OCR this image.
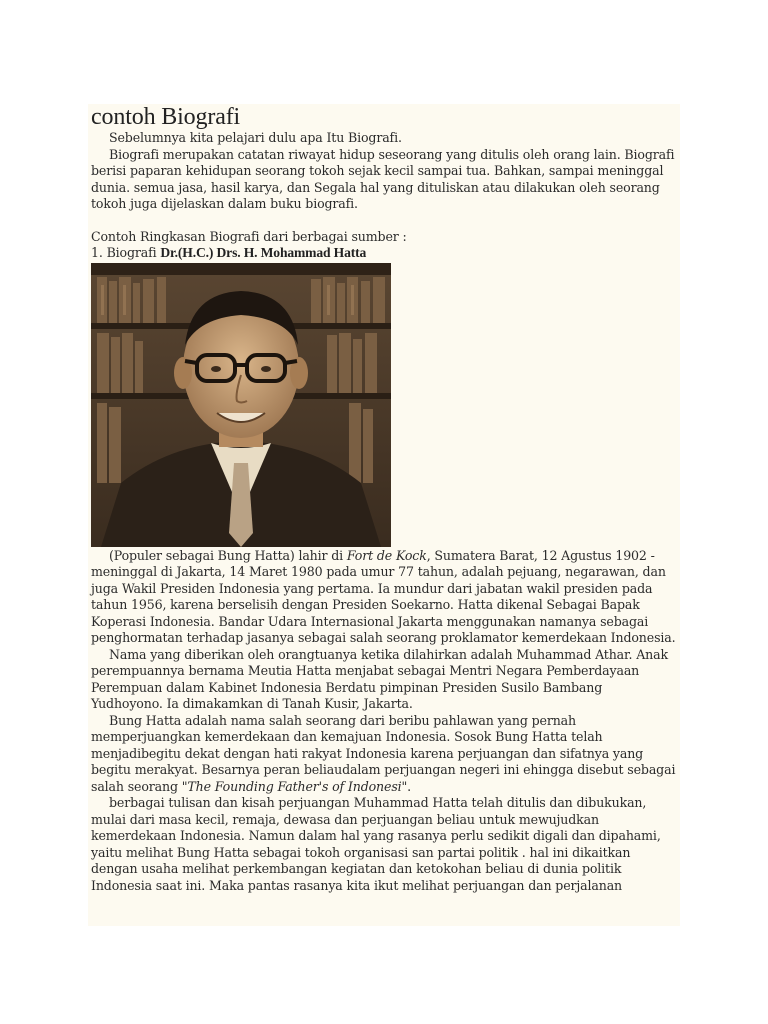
contoh Biografi

Sebelumnya kita pelajari dulu apa Itu Biografi.

Biografi merupakan catatan riwayat hidup seseorang yang ditulis oleh orang lain. Biografi berisi paparan kehidupan seorang tokoh sejak kecil sampai tua. Bahkan, sampai meninggal dunia. semua jasa, hasil karya, dan Segala hal yang dituliskan atau dilakukan oleh seorang tokoh juga dijelaskan dalam buku biografi.

Contoh Ringkasan Biografi dari berbagai sumber :

1. Biografi Dr.(H.C.) Drs. H. Mohammad Hatta

(Populer sebagai Bung Hatta) lahir di Fort de Kock, Sumatera Barat, 12 Agustus 1902 - meninggal di Jakarta, 14 Maret 1980 pada umur 77 tahun, adalah pejuang, negarawan, dan juga Wakil Presiden Indonesia yang pertama. Ia mundur dari jabatan wakil presiden pada tahun 1956, karena berselisih dengan Presiden Soekarno. Hatta dikenal Sebagai Bapak Koperasi Indonesia. Bandar Udara Internasional Jakarta menggunakan namanya sebagai penghormatan terhadap jasanya sebagai salah seorang proklamator kemerdekaan Indonesia.

Nama yang diberikan oleh orangtuanya ketika dilahirkan adalah Muhammad Athar. Anak perempuannya bernama Meutia Hatta menjabat sebagai Mentri Negara Pemberdayaan Perempuan dalam Kabinet Indonesia Berdatu pimpinan Presiden Susilo Bambang Yudhoyono. Ia dimakamkan di Tanah Kusir, Jakarta.

Bung Hatta adalah nama salah seorang dari beribu pahlawan yang pernah memperjuangkan kemerdekaan dan kemajuan Indonesia. Sosok Bung Hatta telah menjadibegitu dekat dengan hati rakyat Indonesia karena perjuangan dan sifatnya yang begitu merakyat. Besarnya peran beliaudalam perjuangan negeri ini ehingga disebut sebagai salah seorang "The Founding Father's of Indonesi".

berbagai tulisan dan kisah perjuangan Muhammad Hatta telah ditulis dan dibukukan, mulai dari masa kecil, remaja, dewasa dan perjuangan beliau untuk mewujudkan kemerdekaan Indonesia. Namun dalam hal yang rasanya perlu sedikit digali dan dipahami, yaitu melihat Bung Hatta sebagai tokoh organisasi san partai politik . hal ini dikaitkan dengan usaha melihat perkembangan kegiatan dan ketokohan beliau di dunia politik Indonesia saat ini. Maka pantas rasanya kita ikut melihat perjuangan dan perjalanan
